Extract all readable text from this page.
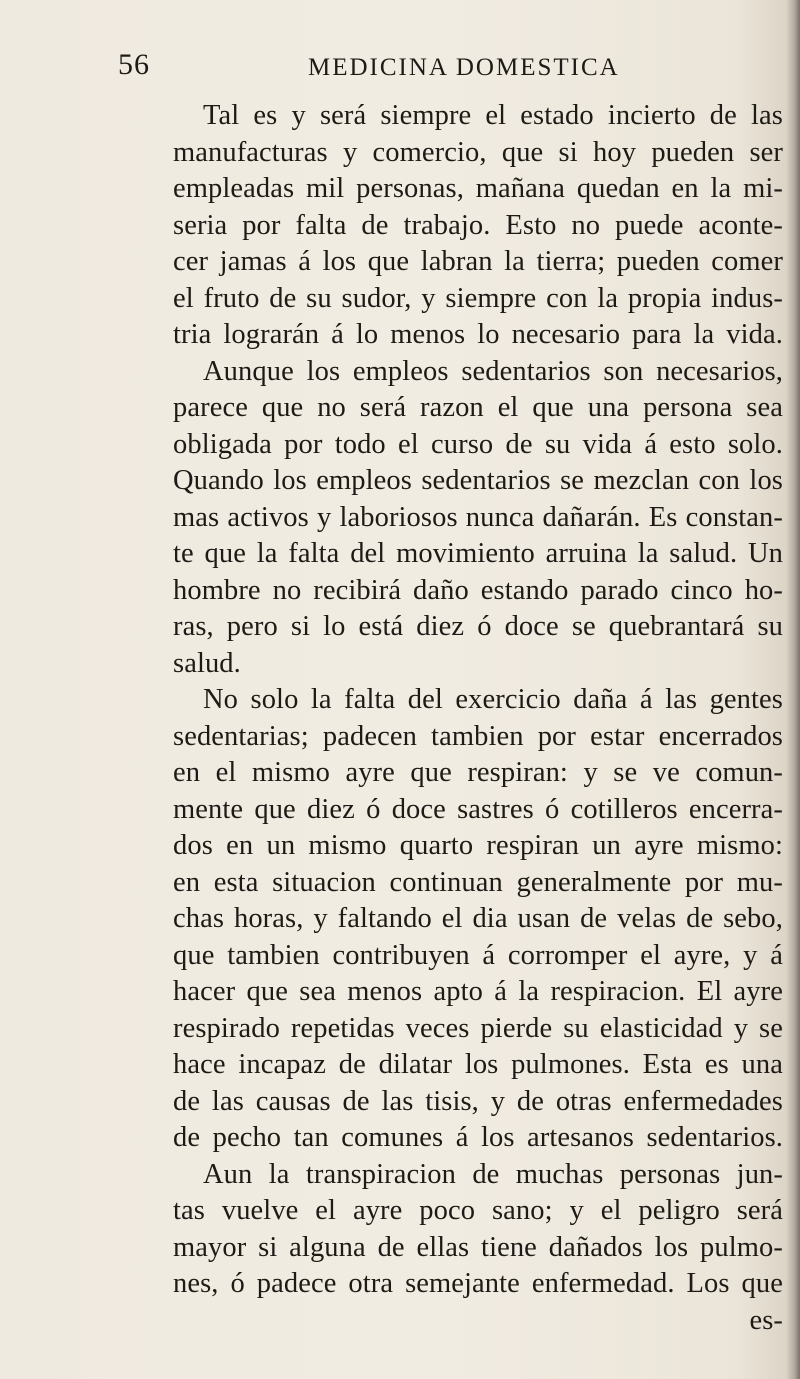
56	MEDICINA DOMESTICA
Tal es y será siempre el estado incierto de las
manufacturas y comercio, que si hoy pueden ser
empleadas mil personas, mañana quedan en la mi-
seria por falta de trabajo. Esto no puede aconte-
cer jamas á los que labran la tierra; pueden comer
el fruto de su sudor, y siempre con la propia indus-
tria lograrán á lo menos lo necesario para la vida.
Aunque los empleos sedentarios son necesarios,
parece que no será razon el que una persona sea
obligada por todo el curso de su vida á esto solo.
Quando los empleos sedentarios se mezclan con los
mas activos y laboriosos nunca dañarán. Es constan-
te que la falta del movimiento arruina la salud. Un
hombre no recibirá daño estando parado cinco ho-
ras, pero si lo está diez ó doce se quebrantará su
salud.
No solo la falta del exercicio daña á las gentes
sedentarias; padecen tambien por estar encerrados
en el mismo ayre que respiran: y se ve comun-
mente que diez ó doce sastres ó cotilleros encerra-
dos en un mismo quarto respiran un ayre mismo:
en esta situacion continuan generalmente por mu-
chas horas, y faltando el dia usan de velas de sebo,
que tambien contribuyen á corromper el ayre, y á
hacer que sea menos apto á la respiracion. El ayre
respirado repetidas veces pierde su elasticidad y se
hace incapaz de dilatar los pulmones. Esta es una
de las causas de las tisis, y de otras enfermedades
de pecho tan comunes á los artesanos sedentarios.
Aun la transpiracion de muchas personas jun-
tas vuelve el ayre poco sano; y el peligro será
mayor si alguna de ellas tiene dañados los pulmo-
nes, ó padece otra semejante enfermedad. Los que
es-
